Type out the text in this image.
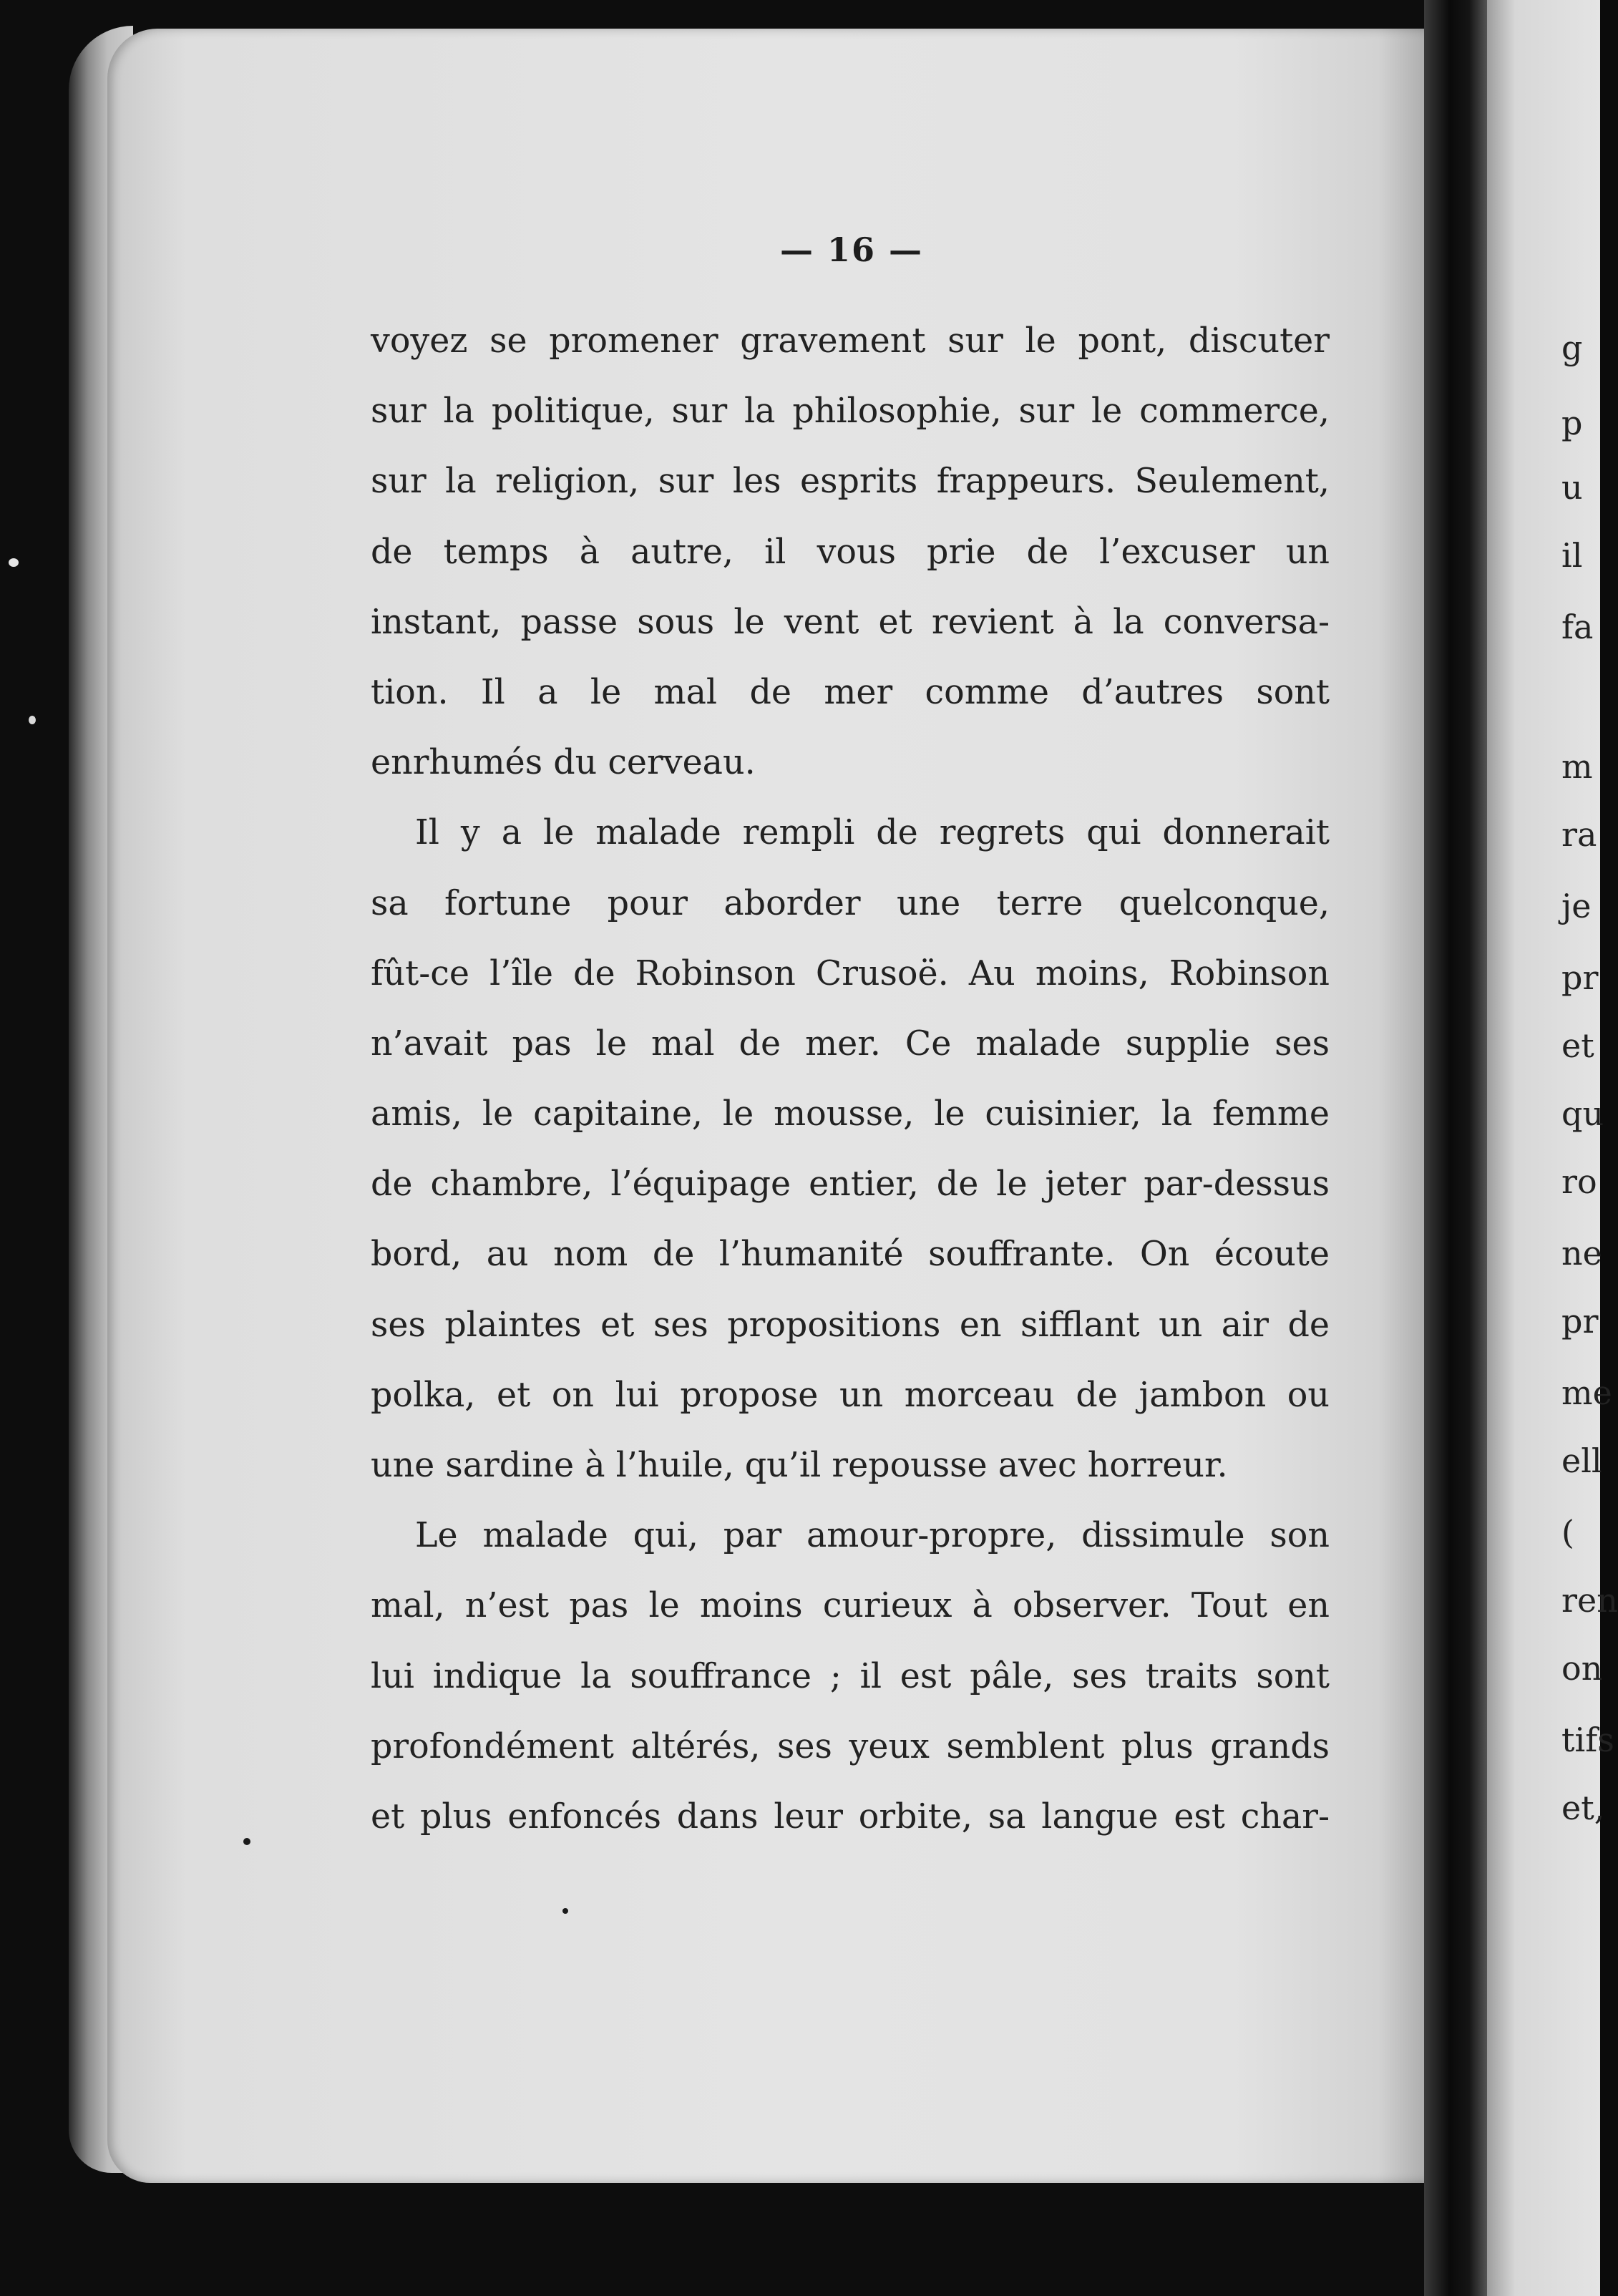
— 16 —
voyez se promener gravement sur le pont, discuter
sur la politique, sur la philosophie, sur le commerce,
sur la religion, sur les esprits frappeurs. Seulement,
de temps à autre, il vous prie de l’excuser un
instant, passe sous le vent et revient à la conversa-
tion. Il a le mal de mer comme d’autres sont
enrhumés du cerveau.
Il y a le malade rempli de regrets qui donnerait
sa fortune pour aborder une terre quelconque,
fût-ce l’île de Robinson Crusoë. Au moins, Robinson
n’avait pas le mal de mer. Ce malade supplie ses
amis, le capitaine, le mousse, le cuisinier, la femme
de chambre, l’équipage entier, de le jeter par-dessus
bord, au nom de l’humanité souffrante. On écoute
ses plaintes et ses propositions en sifflant un air de
polka, et on lui propose un morceau de jambon ou
une sardine à l’huile, qu’il repousse avec horreur.
Le malade qui, par amour-propre, dissimule son
mal, n’est pas le moins curieux à observer. Tout en
lui indique la souffrance ; il est pâle, ses traits sont
profondément altérés, ses yeux semblent plus grands
et plus enfoncés dans leur orbite, sa langue est char-
g
p
u
il
fa
m
ra
je
pr
et
qu
ro
ne
pr
me
ell
(
ren
on
tifs
et,
